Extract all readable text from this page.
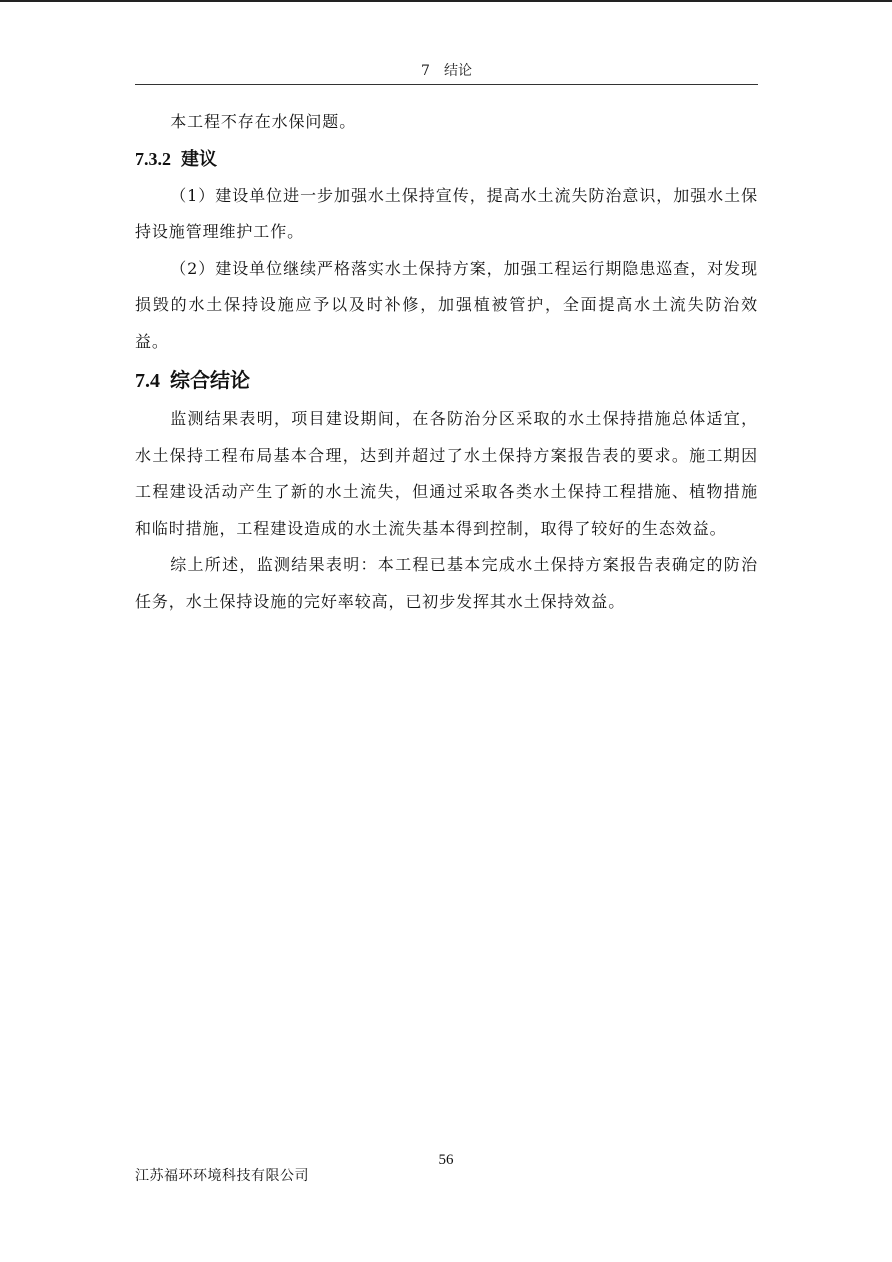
7 结论

本工程不存在水保问题。

7.3.2 建议

（1）建设单位进一步加强水土保持宣传，提高水土流失防治意识，加强水土保持设施管理维护工作。

（2）建设单位继续严格落实水土保持方案，加强工程运行期隐患巡查，对发现损毁的水土保持设施应予以及时补修，加强植被管护，全面提高水土流失防治效益。

7.4 综合结论

监测结果表明，项目建设期间，在各防治分区采取的水土保持措施总体适宜，水土保持工程布局基本合理，达到并超过了水土保持方案报告表的要求。施工期因工程建设活动产生了新的水土流失，但通过采取各类水土保持工程措施、植物措施和临时措施，工程建设造成的水土流失基本得到控制，取得了较好的生态效益。

综上所述，监测结果表明：本工程已基本完成水土保持方案报告表确定的防治任务，水土保持设施的完好率较高，已初步发挥其水土保持效益。

56
江苏福环环境科技有限公司
